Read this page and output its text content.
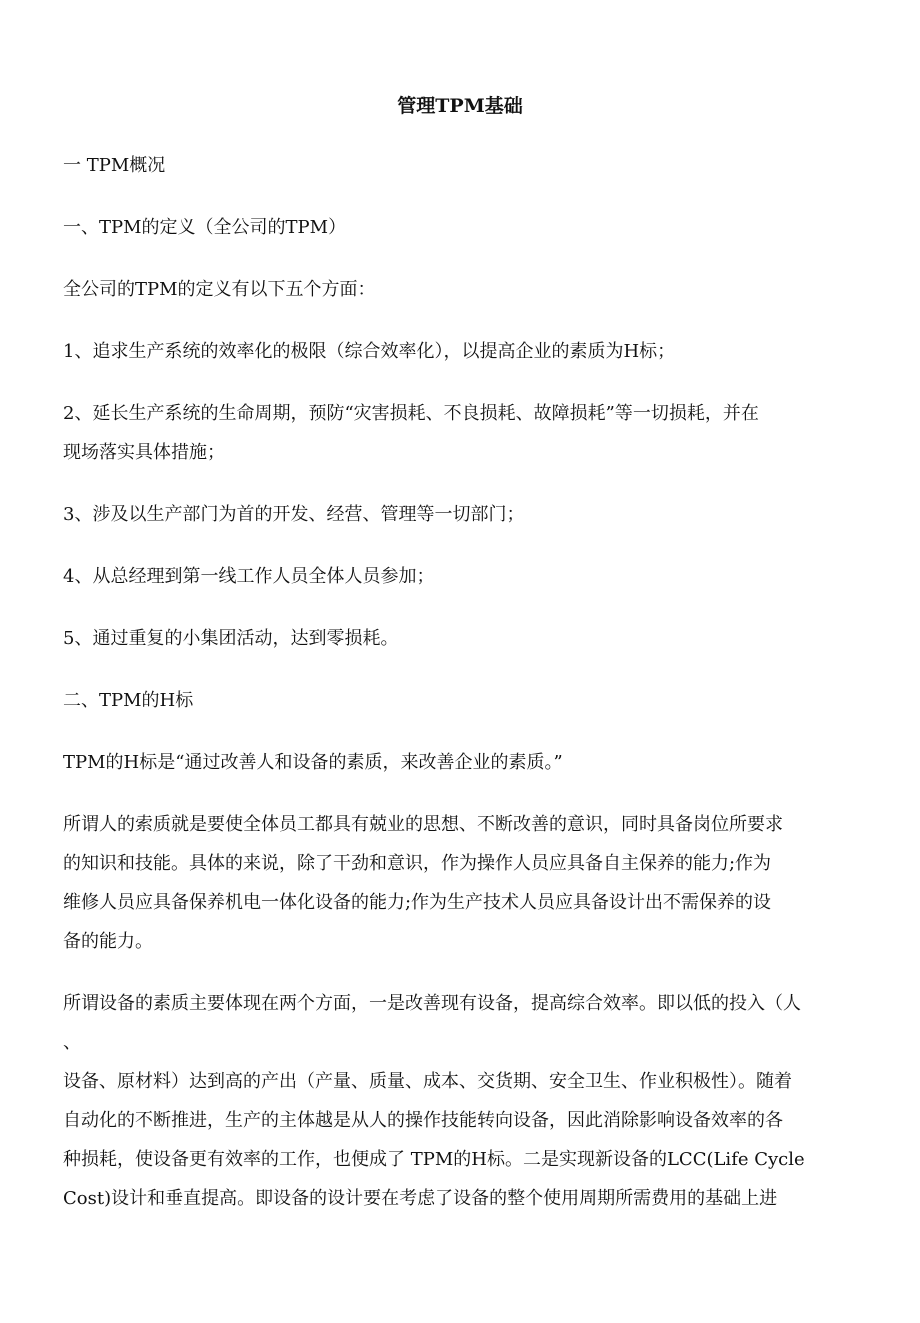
管理TPM基础
一 TPM概况
一、TPM的定义（全公司的TPM）
全公司的TPM的定义有以下五个方面：
1、追求生产系统的效率化的极限（综合效率化），以提高企业的素质为H标；
2、延长生产系统的生命周期，预防“灾害损耗、不良损耗、故障损耗”等一切损耗，并在
现场落实具体措施；
3、涉及以生产部门为首的开发、经营、管理等一切部门；
4、从总经理到第一线工作人员全体人员参加；
5、通过重复的小集团活动，达到零损耗。
二、TPM的H标
TPM的H标是“通过改善人和设备的素质，来改善企业的素质。”
所谓人的索质就是要使全体员工都具有兢业的思想、不断改善的意识，同时具备岗位所要求
的知识和技能。具体的来说，除了干劲和意识，作为操作人员应具备自主保养的能力;作为
维修人员应具备保养机电一体化设备的能力;作为生产技术人员应具备设计出不需保养的设
备的能力。
所谓设备的素质主要体现在两个方面，一是改善现有设备，提高综合效率。即以低的投入（人
、
设备、原材料）达到高的产出（产量、质量、成本、交货期、安全卫生、作业积极性）。随着
自动化的不断推进，生产的主体越是从人的操作技能转向设备，因此消除影响设备效率的各
种损耗，使设备更有效率的工作，也便成了 TPM的H标。二是实现新设备的LCC(Life Cycle
Cost)设计和垂直提高。即设备的设计要在考虑了设备的整个使用周期所需费用的基础上进
